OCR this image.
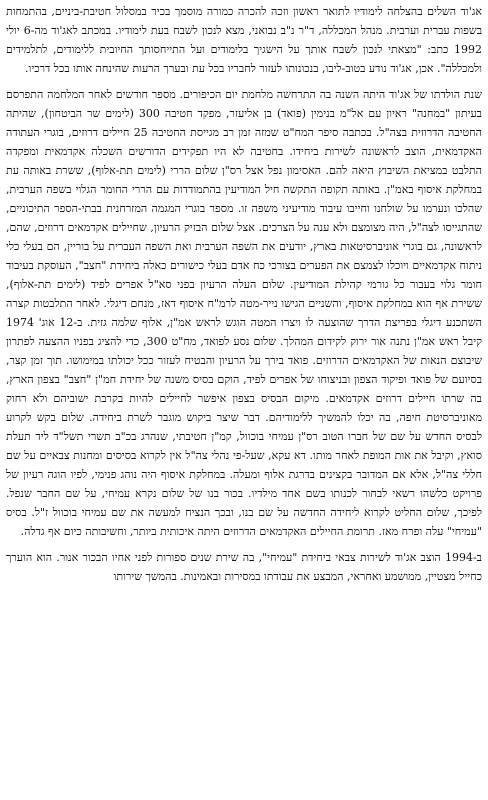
אג'וד השלים בהצלחה לימודיו לתואר ראשון וזכה להכרה כמורה מוסמך בכיר במסלול חטיבת-ביניים, בהתמחות בשפות עברית וערבית. מנהל המכללה, ד"ר נ"ב נבואני, מצא לנכון לשבח בעת לימודיו. במכתב לאג'וד מה-6 יולי 1992 כתב: "מצאתי לנכון לשבח אותך על הישגיך בלימודים ועל התייחסותך החיובית ללימודים, לתלמידים ולמכללה". אכן, אג'וד נודע בטוב-ליבו, בנכונותו לעזור לחבריו בכל עת ובערך הרעות שהינחה אותו בכל דרכיו.

שנת הולדתו של אג'וד היתה השנה בה התרחשה מלחמת יום הכיפורים. מספר חודשים לאחר המלחמה התפרסם בעיתון "במחנה" ראיון עם אל"מ בנימין (פואד) בן אליעזר, מפקד חטיבה 300 (לימים שר הביטחון), שהיתה החטיבה הדרוזית בצה"ל. בכתבה סיפר המח"ט שמזה זמן רב מגייסת החטיבה 25 חיילים דרוזים, בוגרי העתודה האקדמאית, הוצב לראשונה לשירות ביחידו. בחטיבה לא היו תפקידים הדורשים השכלה אקדמאית ומפקדה התלבט במציאת השיבוץ היאה להם. האסימון נפל אצל רס"ן שלום הררי (לימים תת-אלוף), ששרת באותה עת במחלקת איסוף באמ"ן. באותה תקופה התקשה חיל המודיעין בהתמודדות עם הררי החומר הגלוי בשפה הערבית, שהלכו ונערמו על שולחנו וחייבו עיבוד מודיעיני משפה זו. מספר בוגרי המגמה המזרחנית בבתי-הספר התיכוניים, שהתגייסו לצה"ל, היה מצומצם ולא ענה על הצרכים. אצל שלום הבזיק הרעיון, שחיילים אקדמאים דרוזים, שהם, לראשונה, גם בוגרי אוניברסיטאות בארץ, יודעים את השפה הערבית ואת השפה העברית על בוריין, הם בעלי כלי ניתוח אקדמאיים ויוכלו לצמצם את הפערים בצורכי כח אדם בעלי כישורים כאלה ביחידת "חצב", העוסקת בעיבוד חומר גלוי בעבור כל גורמי קהילת המודיעין. שלום העלה הרעיון בפני סא"ל אפרים לפיד (לימים תת-אלוף), ששירת אף הוא במחלקת איסוף, והשניים הגישו נייר-מטה לרמ"ח איסוף דאז, מנחם דיגלי. לאחר התלבטות קצרה השתכנע דיגלי בפריצת הדרך שהוצעה לו ויצרו המטה הוגש לראש אמ"ן, אלוף שלמה גזית. ב-12 אוג' 1974 קיבל ראש אמ"ן נתנה אור ירוק לקידום המהלך. שלום נסע לפואד, מח"ט 300, כדי להציג בפניו ההצעה לפתרון שיבוצם הנאות של האקדמאים הדרוזים. פואד בירך על הרעיון והבטיח לעזור ככל יכולתו במימושו. תוך זמן קצר, בסיועם של פואד ופיקוד הצפון ובניצוחו של אפרים לפיד, הוקם בסיס משנה של יחידת חמ"ן "חצב" בצפון הארץ, בה שרתו חיילים דרוזים אקדמאים. מיקום הבסיס בצפון איפשר לחיילים להיות בקרבת ישוביהם ולא רחוק מאוניברסיטת חיפה, בה יכלו להמשיך ללימודיהם. דבר שיצר ביקוש מוגבר לשרת ביחידה. שלום בקש לקרוע לבסיס החדש על שם של חברו הטוב רס"ן עמיחי בוכוול, קמ"ן חטיבתי, שנהרג בכ"ב תשרי תשל"ד ליד תעלת סואץ, וקיבל את אות המופת לאחר מותו. דא עקא, שעל-פי נהלי צה"ל אין לקרוא בסיסים ומחנות צבאיים על שם חללי צה"ל, אלא אם המדובר בקצינים בדרגת אלוף ומעלה. במחלקת איסוף היה נוהג פנימי, לפיו הוגה רעיון של פרויקט כלשהו רשאי לבחור לכנותו בשם אחד מילדיו. בכור בנו של שלום נקרא עמיחי, על שם החבר שנפל. לפיכך, שלום החליט לקרוא ליחידה החדשה על שם בנו, ובכך הנציח למעשה את שם עמיחי בוכוול ז"ל. בסיס "עמיחי" עלה ופרח מאז. תרומת החיילים האקדמאים הדרוזים היתה איכותית ביותר, וחשיבותה כיום אף גדלה.

ב-1994 הוצב אג'וד לשירות צבאי ביחידת "עמיחי", בה שירת שנים ספורות לפני אחיו הבכור אנור. הוא הוערך כחייל מצטיין, ממושמע ואחראי, המבצע את עבודתו במסירות ובאמינות. בהמשך שירותו
